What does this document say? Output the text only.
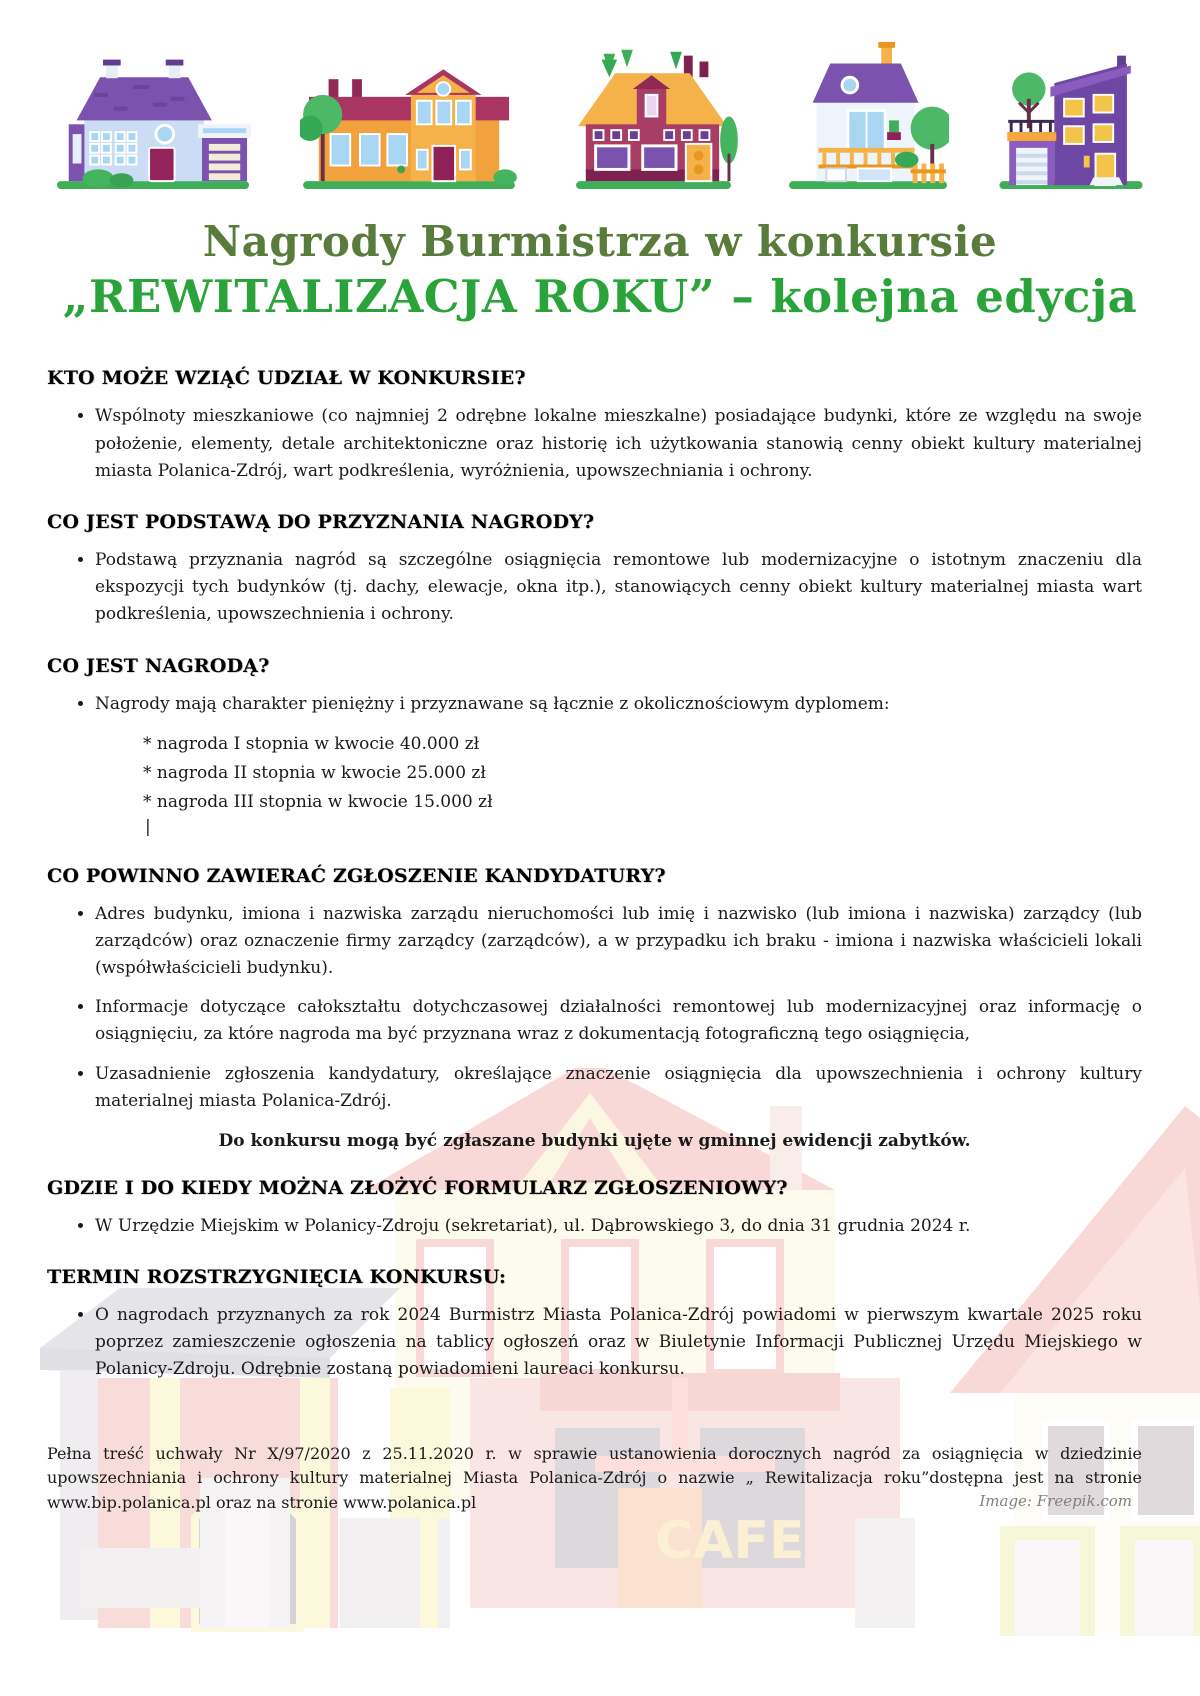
CAFE
Nagrody Burmistrza w konkursie
„REWITALIZACJA ROKU” – kolejna edycja
KTO MOŻE WZIĄĆ UDZIAŁ W KONKURSIE?
• Wspólnoty mieszkaniowe (co najmniej 2 odrębne lokalne mieszkalne) posiadające budynki, które ze względu na swoje położenie, elementy, detale architektoniczne oraz historię ich użytkowania stanowią cenny obiekt kultury materialnej miasta Polanica-Zdrój, wart podkreślenia, wyróżnienia, upowszechniania i ochrony.
CO JEST PODSTAWĄ DO PRZYZNANIA NAGRODY?
• Podstawą przyznania nagród są szczególne osiągnięcia remontowe lub modernizacyjne o istotnym znaczeniu dla ekspozycji tych budynków (tj. dachy, elewacje, okna itp.), stanowiących cenny obiekt kultury materialnej miasta wart podkreślenia, upowszechnienia i ochrony.
CO JEST NAGRODĄ?
• Nagrody mają charakter pieniężny i przyznawane są łącznie z okolicznościowym dyplomem:
* nagroda I stopnia w kwocie 40.000 zł
* nagroda II stopnia w kwocie 25.000 zł
* nagroda III stopnia w kwocie 15.000 zł
|
CO POWINNO ZAWIERAĆ ZGŁOSZENIE KANDYDATURY?
• Adres budynku, imiona i nazwiska zarządu nieruchomości lub imię i nazwisko (lub imiona i nazwiska) zarządcy (lub zarządców) oraz oznaczenie firmy zarządcy (zarządców), a w przypadku ich braku - imiona i nazwiska właścicieli lokali (współwłaścicieli budynku).
• Informacje dotyczące całokształtu dotychczasowej działalności remontowej lub modernizacyjnej oraz informację o osiągnięciu, za które nagroda ma być przyznana wraz z dokumentacją fotograficzną tego osiągnięcia,
• Uzasadnienie zgłoszenia kandydatury, określające znaczenie osiągnięcia dla upowszechnienia i ochrony kultury materialnej miasta Polanica-Zdrój.
Do konkursu mogą być zgłaszane budynki ujęte w gminnej ewidencji zabytków.
GDZIE I DO KIEDY MOŻNA ZŁOŻYĆ FORMULARZ ZGŁOSZENIOWY?
• W Urzędzie Miejskim w Polanicy-Zdroju (sekretariat), ul. Dąbrowskiego 3, do dnia 31 grudnia 2024 r.
TERMIN ROZSTRZYGNIĘCIA KONKURSU:
• O nagrodach przyznanych za rok 2024 Burmistrz Miasta Polanica-Zdrój powiadomi w pierwszym kwartale 2025 roku poprzez zamieszczenie ogłoszenia na tablicy ogłoszeń oraz w Biuletynie Informacji Publicznej Urzędu Miejskiego w Polanicy-Zdroju. Odrębnie zostaną powiadomieni laureaci konkursu.
Pełna treść uchwały Nr X/97/2020 z 25.11.2020 r. w sprawie ustanowienia dorocznych nagród za osiągnięcia w dziedzinie upowszechniania i ochrony kultury materialnej Miasta Polanica-Zdrój o nazwie „ Rewitalizacja roku”dostępna jest na stronie www.bip.polanica.pl oraz na stronie www.polanica.pl	Image: Freepik.com
